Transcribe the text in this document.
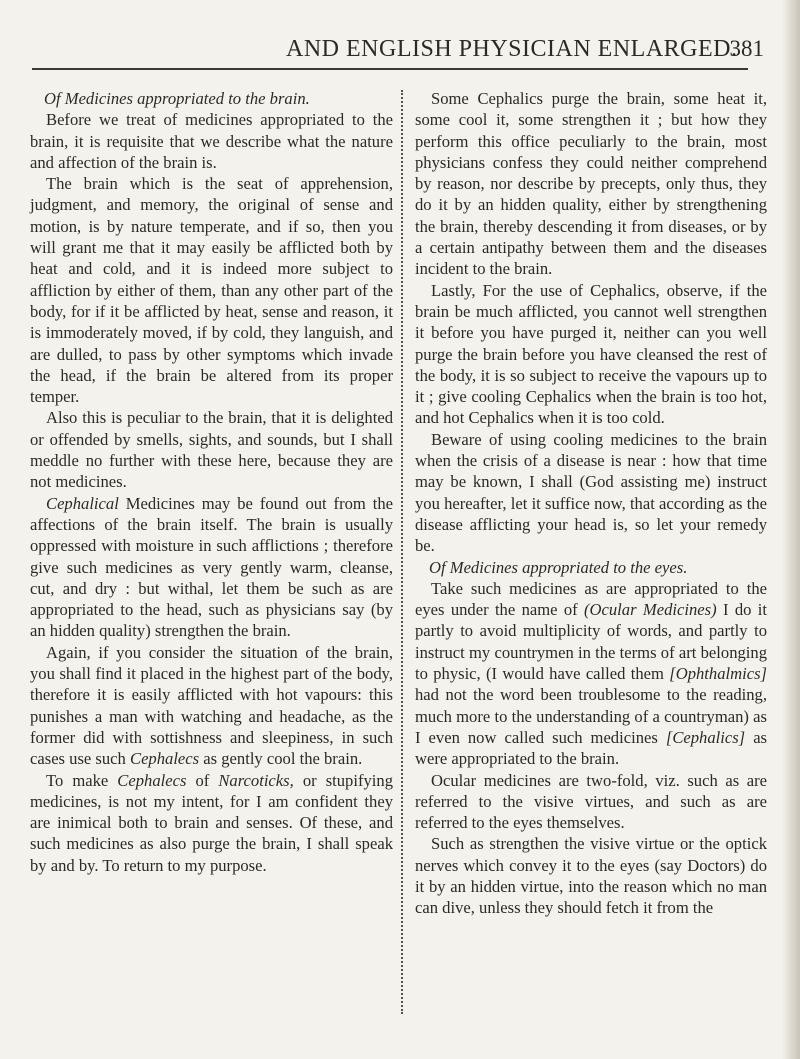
AND ENGLISH PHYSICIAN ENLARGED.
381

Of Medicines appropriated to the brain.

Before we treat of medicines appropriated to the brain, it is requisite that we describe what the nature and affection of the brain is.

The brain which is the seat of apprehension, judgment, and memory, the original of sense and motion, is by nature temperate, and if so, then you will grant me that it may easily be afflicted both by heat and cold, and it is indeed more subject to affliction by either of them, than any other part of the body, for if it be afflicted by heat, sense and reason, it is immoderately moved, if by cold, they languish, and are dulled, to pass by other symptoms which invade the head, if the brain be altered from its proper temper.

Also this is peculiar to the brain, that it is delighted or offended by smells, sights, and sounds, but I shall meddle no further with these here, because they are not medicines.

Cephalical Medicines may be found out from the affections of the brain itself. The brain is usually oppressed with moisture in such afflictions ; therefore give such medicines as very gently warm, cleanse, cut, and dry : but withal, let them be such as are appropriated to the head, such as physicians say (by an hidden quality) strengthen the brain.

Again, if you consider the situation of the brain, you shall find it placed in the highest part of the body, therefore it is easily afflicted with hot vapours: this punishes a man with watching and headache, as the former did with sottishness and sleepiness, in such cases use such Cephalecs as gently cool the brain.

To make Cephalecs of Narcoticks, or stupifying medicines, is not my intent, for I am confident they are inimical both to brain and senses. Of these, and such medicines as also purge the brain, I shall speak by and by. To return to my purpose.

Some Cephalics purge the brain, some heat it, some cool it, some strengthen it ; but how they perform this office peculiarly to the brain, most physicians confess they could neither comprehend by reason, nor describe by precepts, only thus, they do it by an hidden quality, either by strengthening the brain, thereby descending it from diseases, or by a certain antipathy between them and the diseases incident to the brain.

Lastly, For the use of Cephalics, observe, if the brain be much afflicted, you cannot well strengthen it before you have purged it, neither can you well purge the brain before you have cleansed the rest of the body, it is so subject to receive the vapours up to it ; give cooling Cephalics when the brain is too hot, and hot Cephalics when it is too cold.

Beware of using cooling medicines to the brain when the crisis of a disease is near : how that time may be known, I shall (God assisting me) instruct you hereafter, let it suffice now, that according as the disease afflicting your head is, so let your remedy be.

Of Medicines appropriated to the eyes.

Take such medicines as are appropriated to the eyes under the name of (Ocular Medicines) I do it partly to avoid multiplicity of words, and partly to instruct my countrymen in the terms of art belonging to physic, (I would have called them [Ophthalmics] had not the word been troublesome to the reading, much more to the understanding of a countryman) as I even now called such medicines [Cephalics] as were appropriated to the brain.

Ocular medicines are two-fold, viz. such as are referred to the visive virtues, and such as are referred to the eyes themselves.

Such as strengthen the visive virtue or the optick nerves which convey it to the eyes (say Doctors) do it by an hidden virtue, into the reason which no man can dive, unless they should fetch it from the
